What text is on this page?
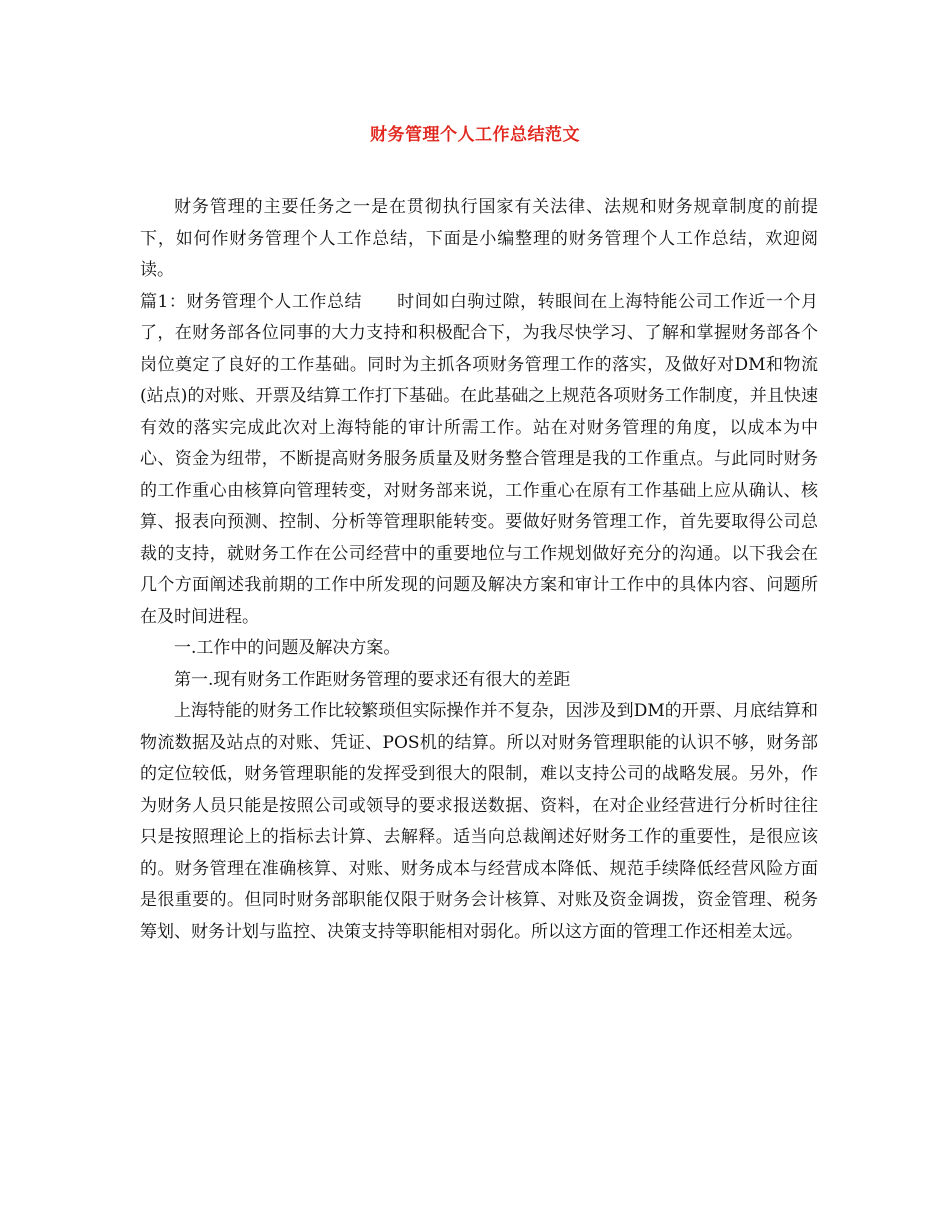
财务管理个人工作总结范文

财务管理的主要任务之一是在贯彻执行国家有关法律、法规和财务规章制度的前提下，如何作财务管理个人工作总结，下面是小编整理的财务管理个人工作总结，欢迎阅读。

篇1：财务管理个人工作总结　　时间如白驹过隙，转眼间在上海特能公司工作近一个月了，在财务部各位同事的大力支持和积极配合下，为我尽快学习、了解和掌握财务部各个岗位奠定了良好的工作基础。同时为主抓各项财务管理工作的落实，及做好对DM和物流(站点)的对账、开票及结算工作打下基础。在此基础之上规范各项财务工作制度，并且快速有效的落实完成此次对上海特能的审计所需工作。站在对财务管理的角度，以成本为中心、资金为纽带，不断提高财务服务质量及财务整合管理是我的工作重点。与此同时财务的工作重心由核算向管理转变，对财务部来说，工作重心在原有工作基础上应从确认、核算、报表向预测、控制、分析等管理职能转变。要做好财务管理工作，首先要取得公司总裁的支持，就财务工作在公司经营中的重要地位与工作规划做好充分的沟通。以下我会在几个方面阐述我前期的工作中所发现的问题及解决方案和审计工作中的具体内容、问题所在及时间进程。

一.工作中的问题及解决方案。

第一.现有财务工作距财务管理的要求还有很大的差距

上海特能的财务工作比较繁琐但实际操作并不复杂，因涉及到DM的开票、月底结算和物流数据及站点的对账、凭证、POS机的结算。所以对财务管理职能的认识不够，财务部的定位较低，财务管理职能的发挥受到很大的限制，难以支持公司的战略发展。另外，作为财务人员只能是按照公司或领导的要求报送数据、资料，在对企业经营进行分析时往往只是按照理论上的指标去计算、去解释。适当向总裁阐述好财务工作的重要性，是很应该的。财务管理在准确核算、对账、财务成本与经营成本降低、规范手续降低经营风险方面是很重要的。但同时财务部职能仅限于财务会计核算、对账及资金调拨，资金管理、税务筹划、财务计划与监控、决策支持等职能相对弱化。所以这方面的管理工作还相差太远。
